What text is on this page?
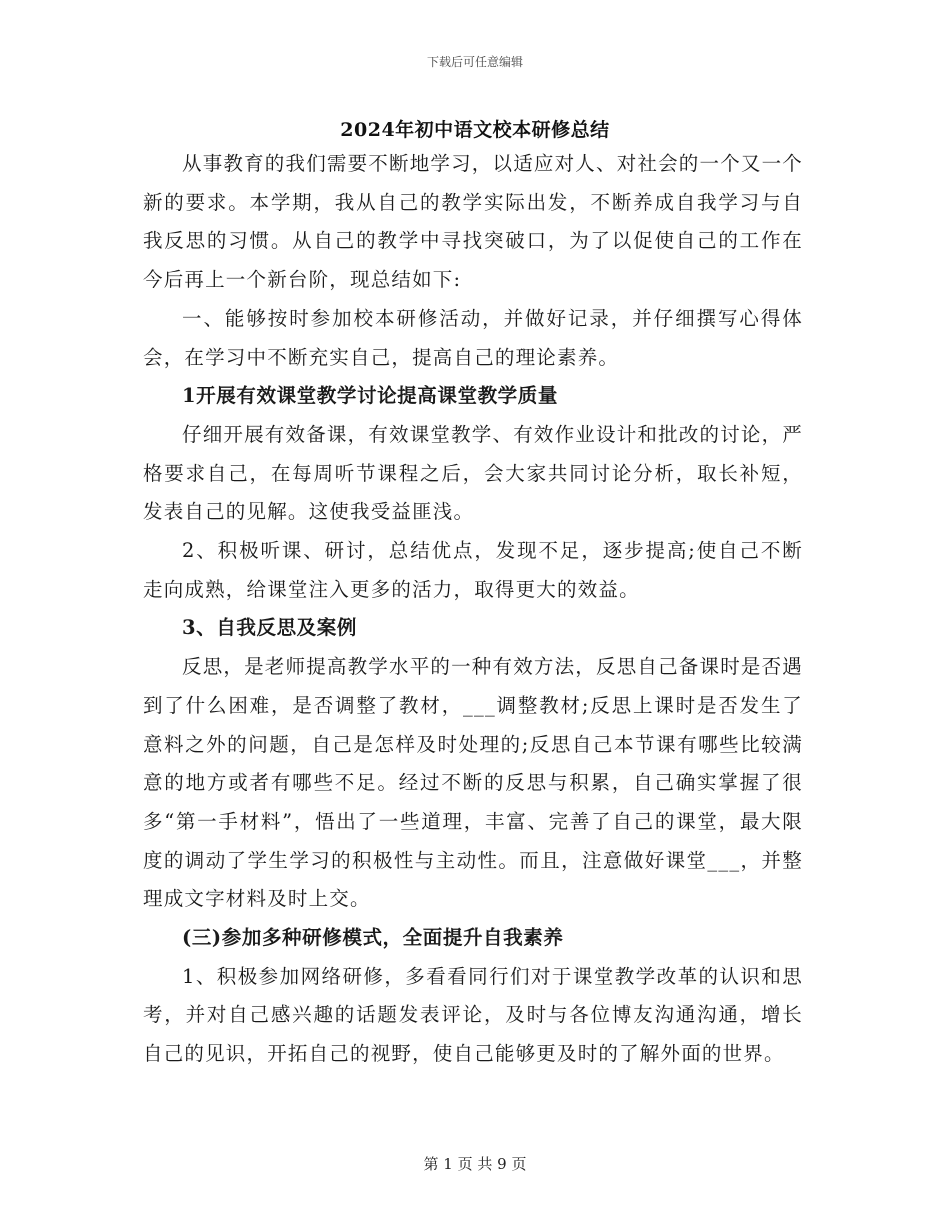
下载后可任意编辑
2024年初中语文校本研修总结

从事教育的我们需要不断地学习，以适应对人、对社会的一个又一个新的要求。本学期，我从自己的教学实际出发，不断养成自我学习与自我反思的习惯。从自己的教学中寻找突破口，为了以促使自己的工作在今后再上一个新台阶，现总结如下:

一、能够按时参加校本研修活动，并做好记录，并仔细撰写心得体会，在学习中不断充实自己，提高自己的理论素养。

1开展有效课堂教学讨论提高课堂教学质量

仔细开展有效备课，有效课堂教学、有效作业设计和批改的讨论，严格要求自己，在每周听节课程之后，会大家共同讨论分析，取长补短，发表自己的见解。这使我受益匪浅。

2、积极听课、研讨，总结优点，发现不足，逐步提高;使自己不断走向成熟，给课堂注入更多的活力，取得更大的效益。

3、自我反思及案例

反思，是老师提高教学水平的一种有效方法，反思自己备课时是否遇到了什么困难，是否调整了教材，___调整教材;反思上课时是否发生了意料之外的问题，自己是怎样及时处理的;反思自己本节课有哪些比较满意的地方或者有哪些不足。经过不断的反思与积累，自己确实掌握了很多“第一手材料”，悟出了一些道理，丰富、完善了自己的课堂，最大限度的调动了学生学习的积极性与主动性。而且，注意做好课堂___，并整理成文字材料及时上交。

(三)参加多种研修模式，全面提升自我素养

1、积极参加网络研修，多看看同行们对于课堂教学改革的认识和思考，并对自己感兴趣的话题发表评论，及时与各位博友沟通沟通，增长自己的见识，开拓自己的视野，使自己能够更及时的了解外面的世界。

第 1 页 共 9 页
